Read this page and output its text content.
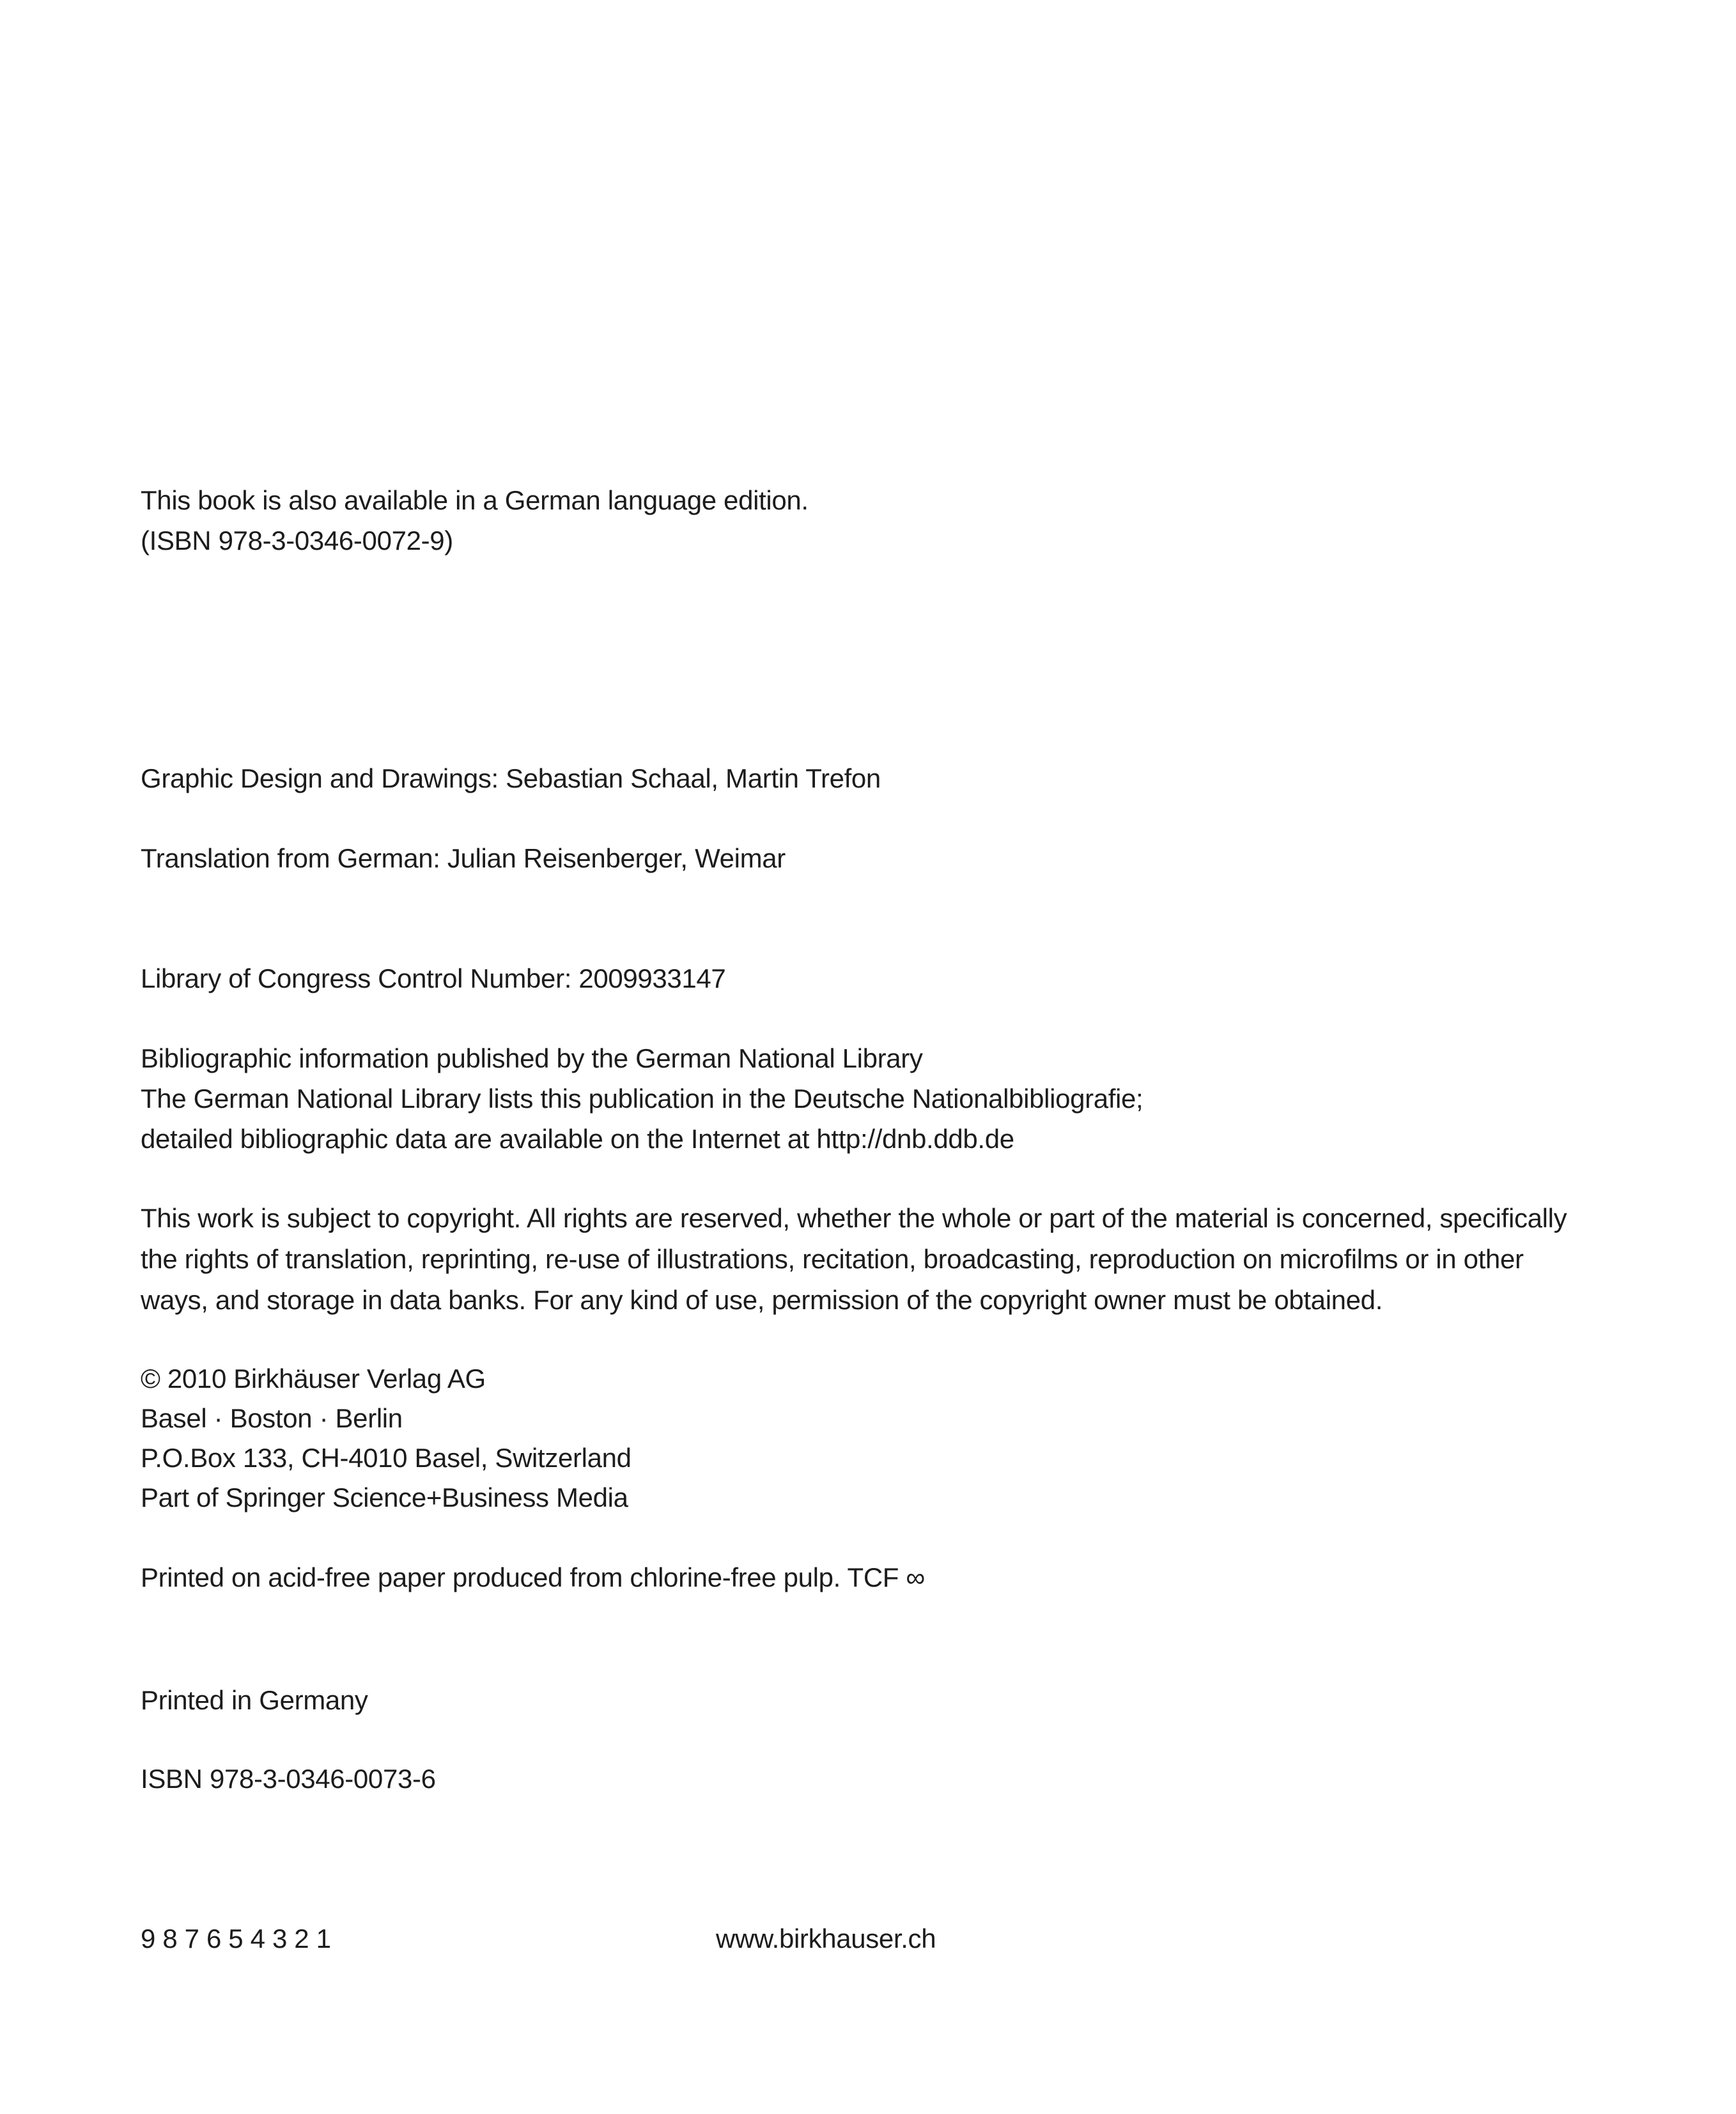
This book is also available in a German language edition.
(ISBN 978-3-0346-0072-9)
Graphic Design and Drawings: Sebastian Schaal, Martin Trefon
Translation from German: Julian Reisenberger, Weimar
Library of Congress Control Number: 2009933147
Bibliographic information published by the German National Library
The German National Library lists this publication in the Deutsche Nationalbibliografie;
detailed bibliographic data are available on the Internet at http://dnb.ddb.de
This work is subject to copyright. All rights are reserved, whether the whole or part of the material is concerned, specifically
the rights of translation, reprinting, re-use of illustrations, recitation, broadcasting, reproduction on microfilms or in other
ways, and storage in data banks. For any kind of use, permission of the copyright owner must be obtained.
© 2010 Birkhäuser Verlag AG
Basel · Boston · Berlin
P.O.Box 133, CH-4010 Basel, Switzerland
Part of Springer Science+Business Media
Printed on acid-free paper produced from chlorine-free pulp. TCF ∞
Printed in Germany
ISBN 978-3-0346-0073-6
9 8 7 6 5 4 3 2 1	www.birkhauser.ch
